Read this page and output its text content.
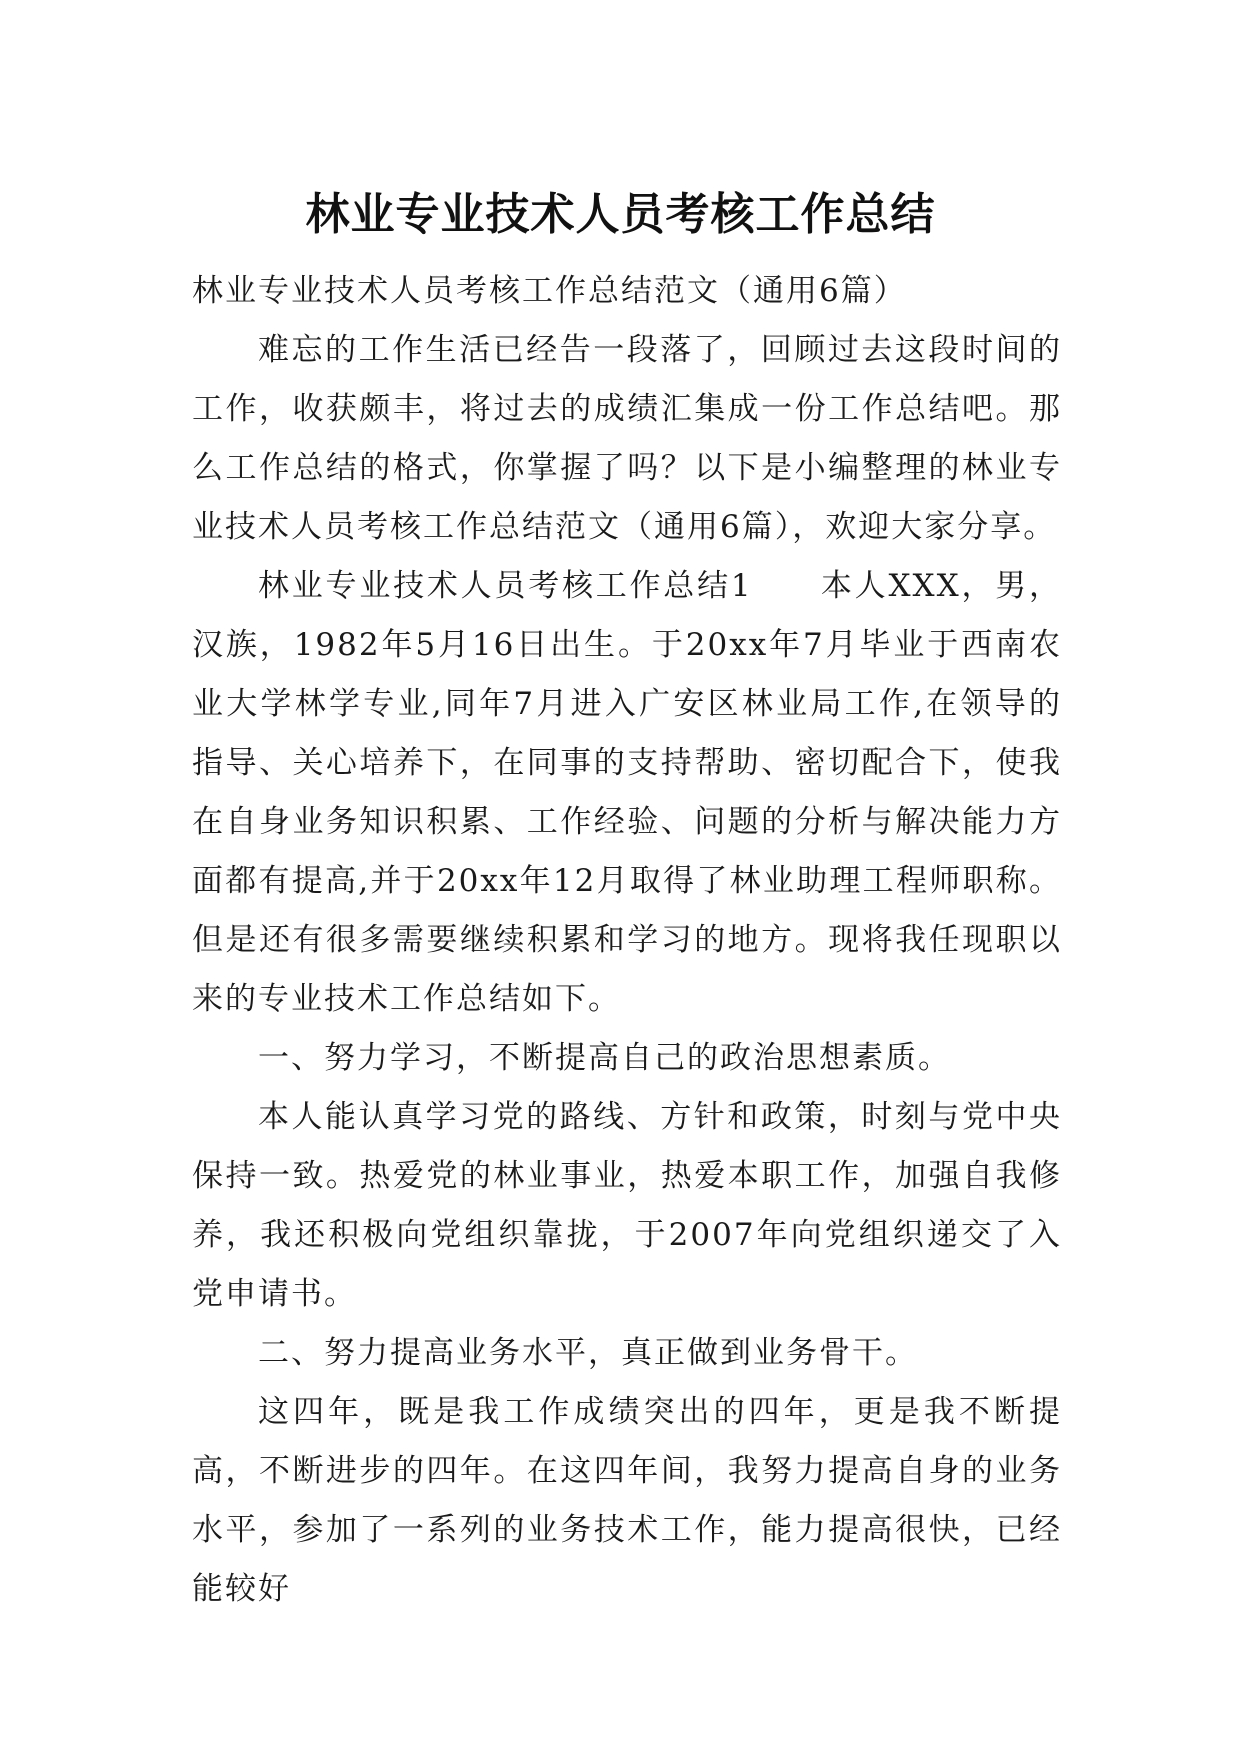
林业专业技术人员考核工作总结

林业专业技术人员考核工作总结范文（通用6篇）

难忘的工作生活已经告一段落了，回顾过去这段时间的工作，收获颇丰，将过去的成绩汇集成一份工作总结吧。那么工作总结的格式，你掌握了吗？以下是小编整理的林业专业技术人员考核工作总结范文（通用6篇），欢迎大家分享。

林业专业技术人员考核工作总结1　　本人XXX，男，汉族，1982年5月16日出生。于20xx年7月毕业于西南农业大学林学专业,同年7月进入广安区林业局工作,在领导的指导、关心培养下，在同事的支持帮助、密切配合下，使我在自身业务知识积累、工作经验、问题的分析与解决能力方面都有提高,并于20xx年12月取得了林业助理工程师职称。但是还有很多需要继续积累和学习的地方。现将我任现职以来的专业技术工作总结如下。

一、努力学习，不断提高自己的政治思想素质。

本人能认真学习党的路线、方针和政策，时刻与党中央保持一致。热爱党的林业事业，热爱本职工作，加强自我修养，我还积极向党组织靠拢，于2007年向党组织递交了入党申请书。

二、努力提高业务水平，真正做到业务骨干。

这四年，既是我工作成绩突出的四年，更是我不断提高，不断进步的四年。在这四年间，我努力提高自身的业务水平，参加了一系列的业务技术工作，能力提高很快，已经能较好
